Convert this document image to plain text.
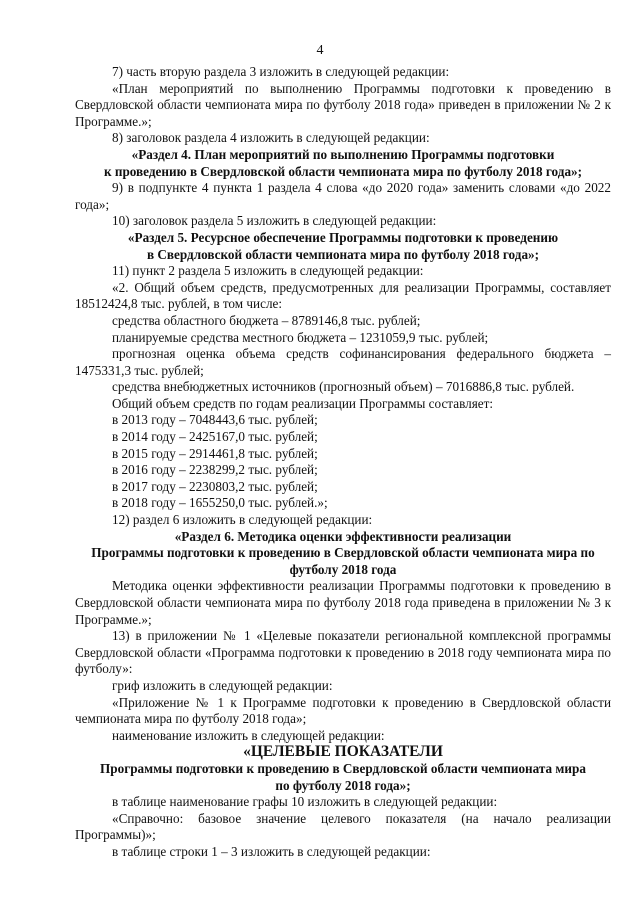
4

7) часть вторую раздела 3 изложить в следующей редакции:

«План мероприятий по выполнению Программы подготовки к проведению в Свердловской области чемпионата мира по футболу 2018 года» приведен в приложении № 2 к Программе.»;

8) заголовок раздела 4 изложить в следующей редакции:

«Раздел 4. План мероприятий по выполнению Программы подготовки

к проведению в Свердловской области чемпионата мира по футболу 2018 года»;

9) в подпункте 4 пункта 1 раздела 4 слова «до 2020 года» заменить словами «до 2022 года»;

10) заголовок раздела 5 изложить в следующей редакции:

«Раздел 5. Ресурсное обеспечение Программы подготовки к проведению

в Свердловской области чемпионата мира по футболу 2018 года»;

11) пункт 2 раздела 5 изложить в следующей редакции:

«2. Общий объем средств, предусмотренных для реализации Программы, составляет 18512424,8 тыс. рублей, в том числе:

средства областного бюджета – 8789146,8 тыс. рублей;

планируемые средства местного бюджета – 1231059,9 тыс. рублей;

прогнозная оценка объема средств софинансирования федерального бюджета – 1475331,3 тыс. рублей;

средства внебюджетных источников (прогнозный объем) – 7016886,8 тыс. рублей.

Общий объем средств по годам реализации Программы составляет:

в 2013 году – 7048443,6 тыс. рублей;

в 2014 году – 2425167,0 тыс. рублей;

в 2015 году – 2914461,8 тыс. рублей;

в 2016 году – 2238299,2 тыс. рублей;

в 2017 году – 2230803,2 тыс. рублей;

в 2018 году – 1655250,0 тыс. рублей.»;

12) раздел 6 изложить в следующей редакции:

«Раздел 6. Методика оценки эффективности реализации

Программы подготовки к проведению в Свердловской области чемпионата мира по футболу 2018 года

Методика оценки эффективности реализации Программы подготовки к проведению в Свердловской области чемпионата мира по футболу 2018 года приведена в приложении № 3 к Программе.»;

13) в приложении № 1 «Целевые показатели региональной комплексной программы Свердловской области «Программа подготовки к проведению в 2018 году чемпионата мира по футболу»:

гриф изложить в следующей редакции:

«Приложение № 1 к Программе подготовки к проведению в Свердловской области чемпионата мира по футболу 2018 года»;

наименование изложить в следующей редакции:

«ЦЕЛЕВЫЕ ПОКАЗАТЕЛИ

Программы подготовки к проведению в Свердловской области чемпионата мира

по футболу 2018 года»;

в таблице наименование графы 10 изложить в следующей редакции:

«Справочно: базовое значение целевого показателя (на начало реализации Программы)»;

в таблице строки 1 – 3 изложить в следующей редакции:
